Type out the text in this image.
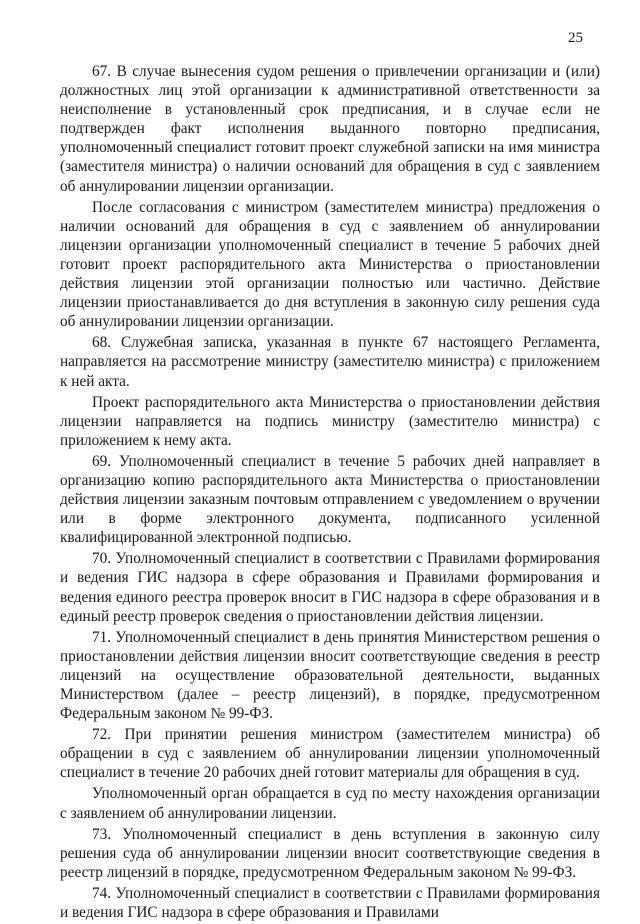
25

67. В случае вынесения судом решения о привлечении организации и (или) должностных лиц этой организации к административной ответственности за неисполнение в установленный срок предписания, и в случае если не подтвержден факт исполнения выданного повторно предписания, уполномоченный специалист готовит проект служебной записки на имя министра (заместителя министра) о наличии оснований для обращения в суд с заявлением об аннулировании лицензии организации.

После согласования с министром (заместителем министра) предложения о наличии оснований для обращения в суд с заявлением об аннулировании лицензии организации уполномоченный специалист в течение 5 рабочих дней готовит проект распорядительного акта Министерства о приостановлении действия лицензии этой организации полностью или частично. Действие лицензии приостанавливается до дня вступления в законную силу решения суда об аннулировании лицензии организации.

68. Служебная записка, указанная в пункте 67 настоящего Регламента, направляется на рассмотрение министру (заместителю министра) с приложением к ней акта.

Проект распорядительного акта Министерства о приостановлении действия лицензии направляется на подпись министру (заместителю министра) с приложением к нему акта.

69. Уполномоченный специалист в течение 5 рабочих дней направляет в организацию копию распорядительного акта Министерства о приостановлении действия лицензии заказным почтовым отправлением с уведомлением о вручении или в форме электронного документа, подписанного усиленной квалифицированной электронной подписью.

70. Уполномоченный специалист в соответствии с Правилами формирования и ведения ГИС надзора в сфере образования и Правилами формирования и ведения единого реестра проверок вносит в ГИС надзора в сфере образования и в единый реестр проверок сведения о приостановлении действия лицензии.

71. Уполномоченный специалист в день принятия Министерством решения о приостановлении действия лицензии вносит соответствующие сведения в реестр лицензий на осуществление образовательной деятельности, выданных Министерством (далее – реестр лицензий), в порядке, предусмотренном Федеральным законом № 99-ФЗ.

72. При принятии решения министром (заместителем министра) об обращении в суд с заявлением об аннулировании лицензии уполномоченный специалист в течение 20 рабочих дней готовит материалы для обращения в суд.

Уполномоченный орган обращается в суд по месту нахождения организации с заявлением об аннулировании лицензии.

73. Уполномоченный специалист в день вступления в законную силу решения суда об аннулировании лицензии вносит соответствующие сведения в реестр лицензий в порядке, предусмотренном Федеральным законом № 99-ФЗ.

74. Уполномоченный специалист в соответствии с Правилами формирования и ведения ГИС надзора в сфере образования и Правилами
